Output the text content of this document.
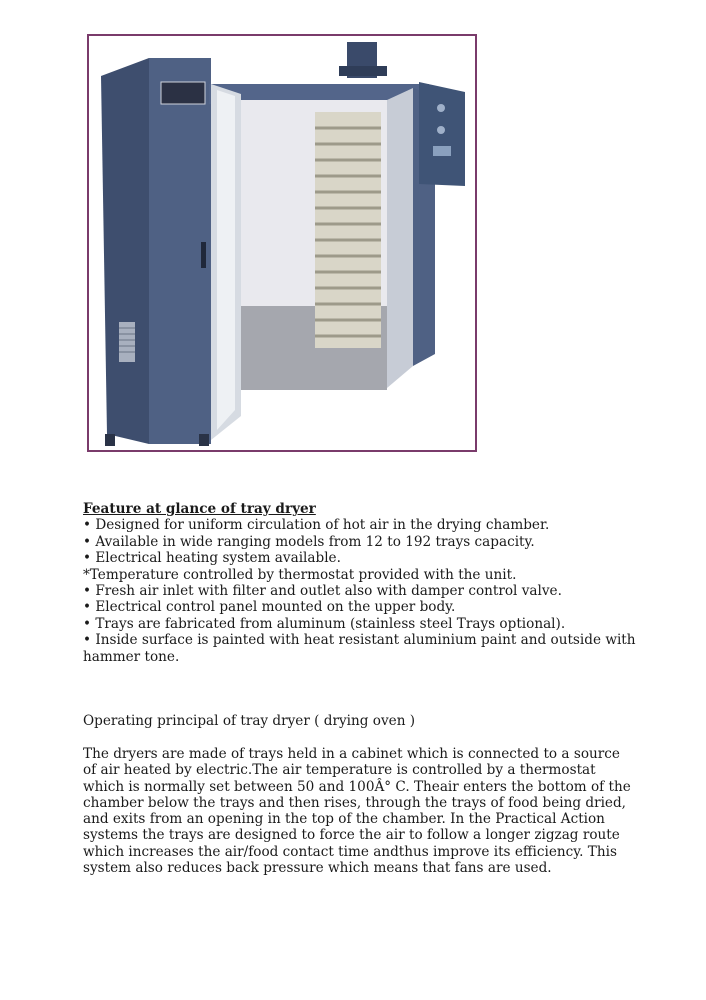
Feature at glance of tray dryer

• Designed for uniform circulation of hot air in the drying chamber.
• Available in wide ranging models from 12 to 192 trays capacity.
• Electrical heating system available.
*Temperature controlled by thermostat provided with the unit.
• Fresh air inlet with filter and outlet also with damper control valve.
• Electrical control panel mounted on the upper body.
• Trays are fabricated from aluminum (stainless steel Trays optional).
• Inside surface is painted with heat resistant aluminium paint and outside with hammer tone.

Operating principal of tray dryer ( drying oven )

The dryers are made of trays held in a cabinet which is connected to a source of air heated by electric.The air temperature is controlled by a thermostat which is normally set between 50 and 100Â° C. Theair enters the bottom of the chamber below the trays and then rises, through the trays of food being dried, and exits from an opening in the top of the chamber. In the Practical Action systems the trays are designed to force the air to follow a longer zigzag route which increases the air/food contact time andthus improve its efficiency. This system also reduces back pressure which means that fans are used.
